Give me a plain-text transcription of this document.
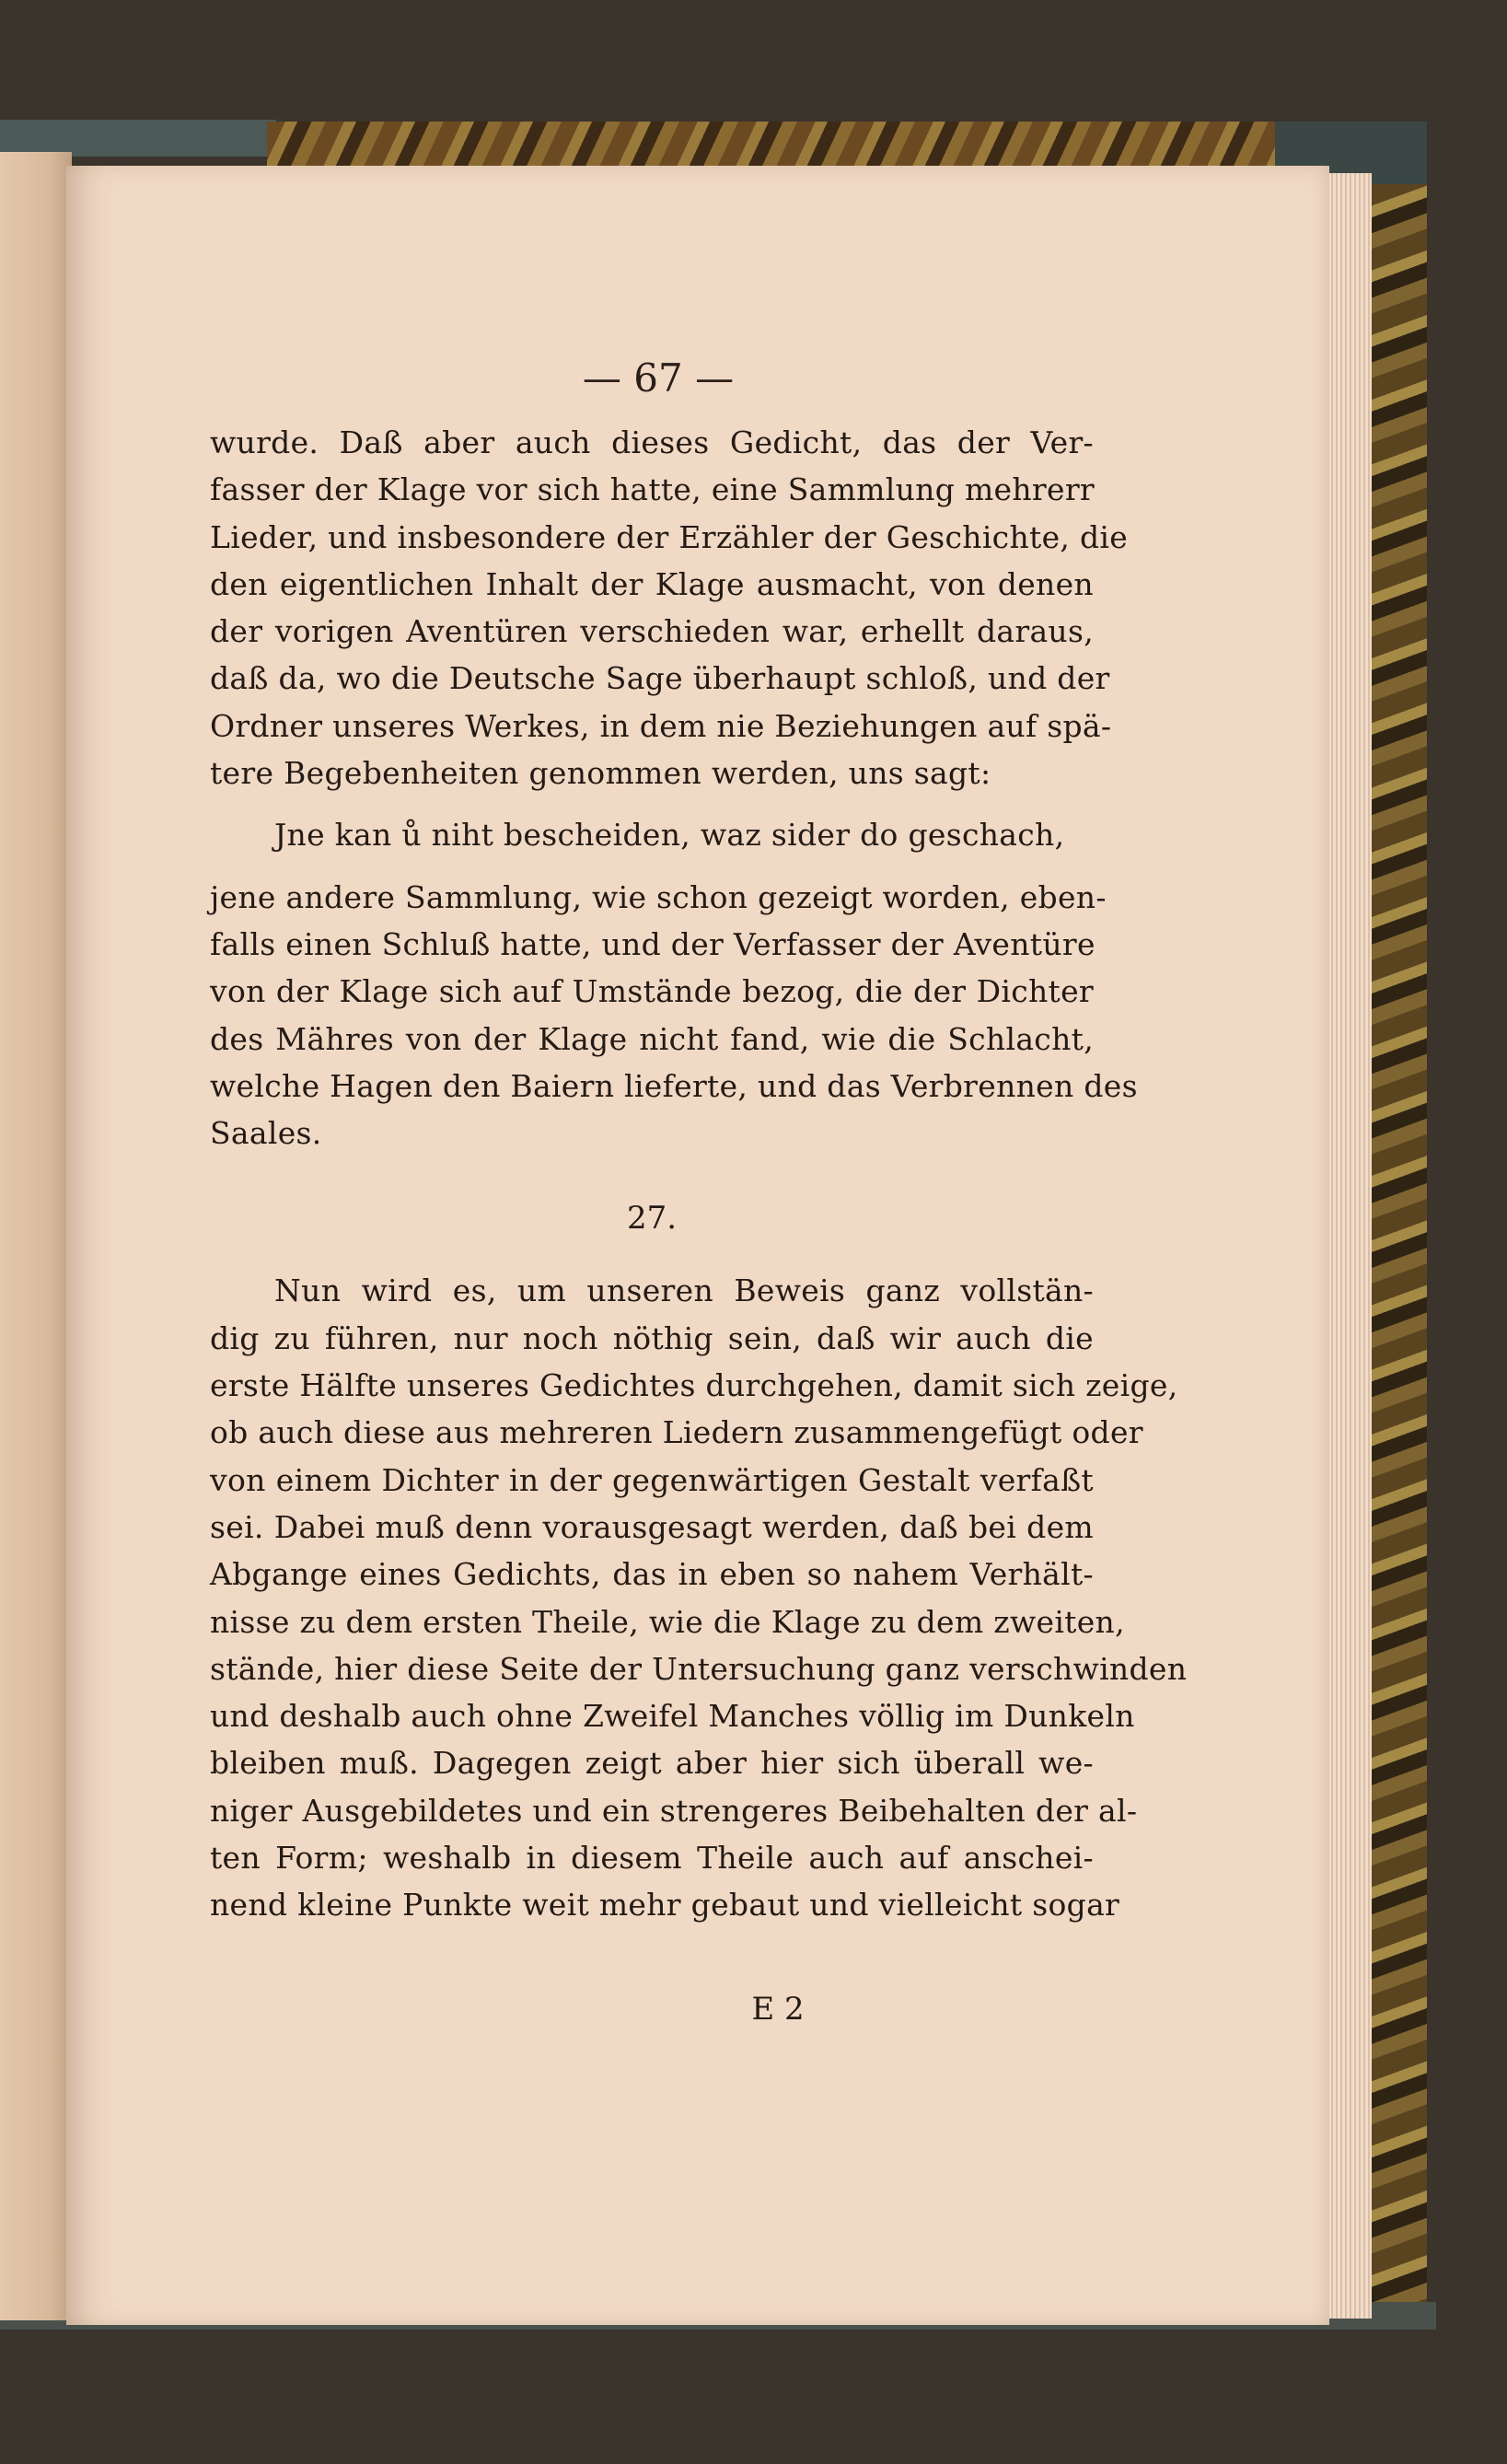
— 67 —
wurde. Daß aber auch dieses Gedicht, das der Ver-
fasser der Klage vor sich hatte, eine Sammlung mehrerr
Lieder, und insbesondere der Erzähler der Geschichte, die
den eigentlichen Inhalt der Klage ausmacht, von denen
der vorigen Aventüren verschieden war, erhellt daraus,
daß da, wo die Deutsche Sage überhaupt schloß, und der
Ordner unseres Werkes, in dem nie Beziehungen auf spä-
tere Begebenheiten genommen werden, uns sagt:
Jne kan ů niht bescheiden, waz sider do geschach,
jene andere Sammlung, wie schon gezeigt worden, eben-
falls einen Schluß hatte, und der Verfasser der Aventüre
von der Klage sich auf Umstände bezog, die der Dichter
des Mähres von der Klage nicht fand, wie die Schlacht,
welche Hagen den Baiern lieferte, und das Verbrennen des
Saales.
27.
Nun wird es, um unseren Beweis ganz vollstän-
dig zu führen, nur noch nöthig sein, daß wir auch die
erste Hälfte unseres Gedichtes durchgehen, damit sich zeige,
ob auch diese aus mehreren Liedern zusammengefügt oder
von einem Dichter in der gegenwärtigen Gestalt verfaßt
sei. Dabei muß denn vorausgesagt werden, daß bei dem
Abgange eines Gedichts, das in eben so nahem Verhält-
nisse zu dem ersten Theile, wie die Klage zu dem zweiten,
stände, hier diese Seite der Untersuchung ganz verschwinden
und deshalb auch ohne Zweifel Manches völlig im Dunkeln
bleiben muß. Dagegen zeigt aber hier sich überall we-
niger Ausgebildetes und ein strengeres Beibehalten der al-
ten Form; weshalb in diesem Theile auch auf anschei-
nend kleine Punkte weit mehr gebaut und vielleicht sogar
E 2
